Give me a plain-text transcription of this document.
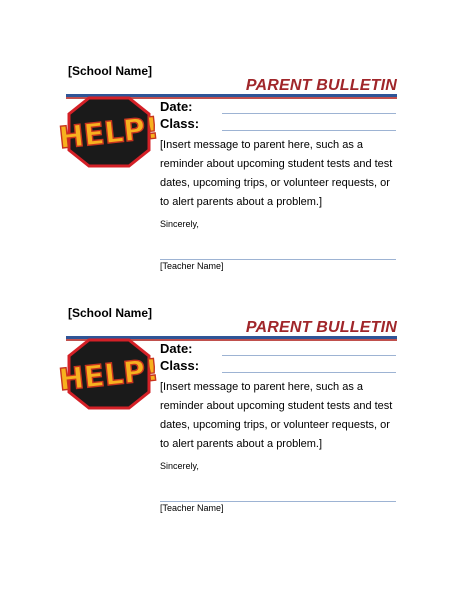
[School Name]
PARENT BULLETIN
HELP!
Date:
Class:

[Insert message to parent here, such as a reminder about upcoming student tests and test dates, upcoming trips, or volunteer requests, or to alert parents about a problem.]

Sincerely,
[Teacher Name]
[School Name]
PARENT BULLETIN
HELP!
Date:
Class:

[Insert message to parent here, such as a reminder about upcoming student tests and test dates, upcoming trips, or volunteer requests, or to alert parents about a problem.]

Sincerely,
[Teacher Name]
